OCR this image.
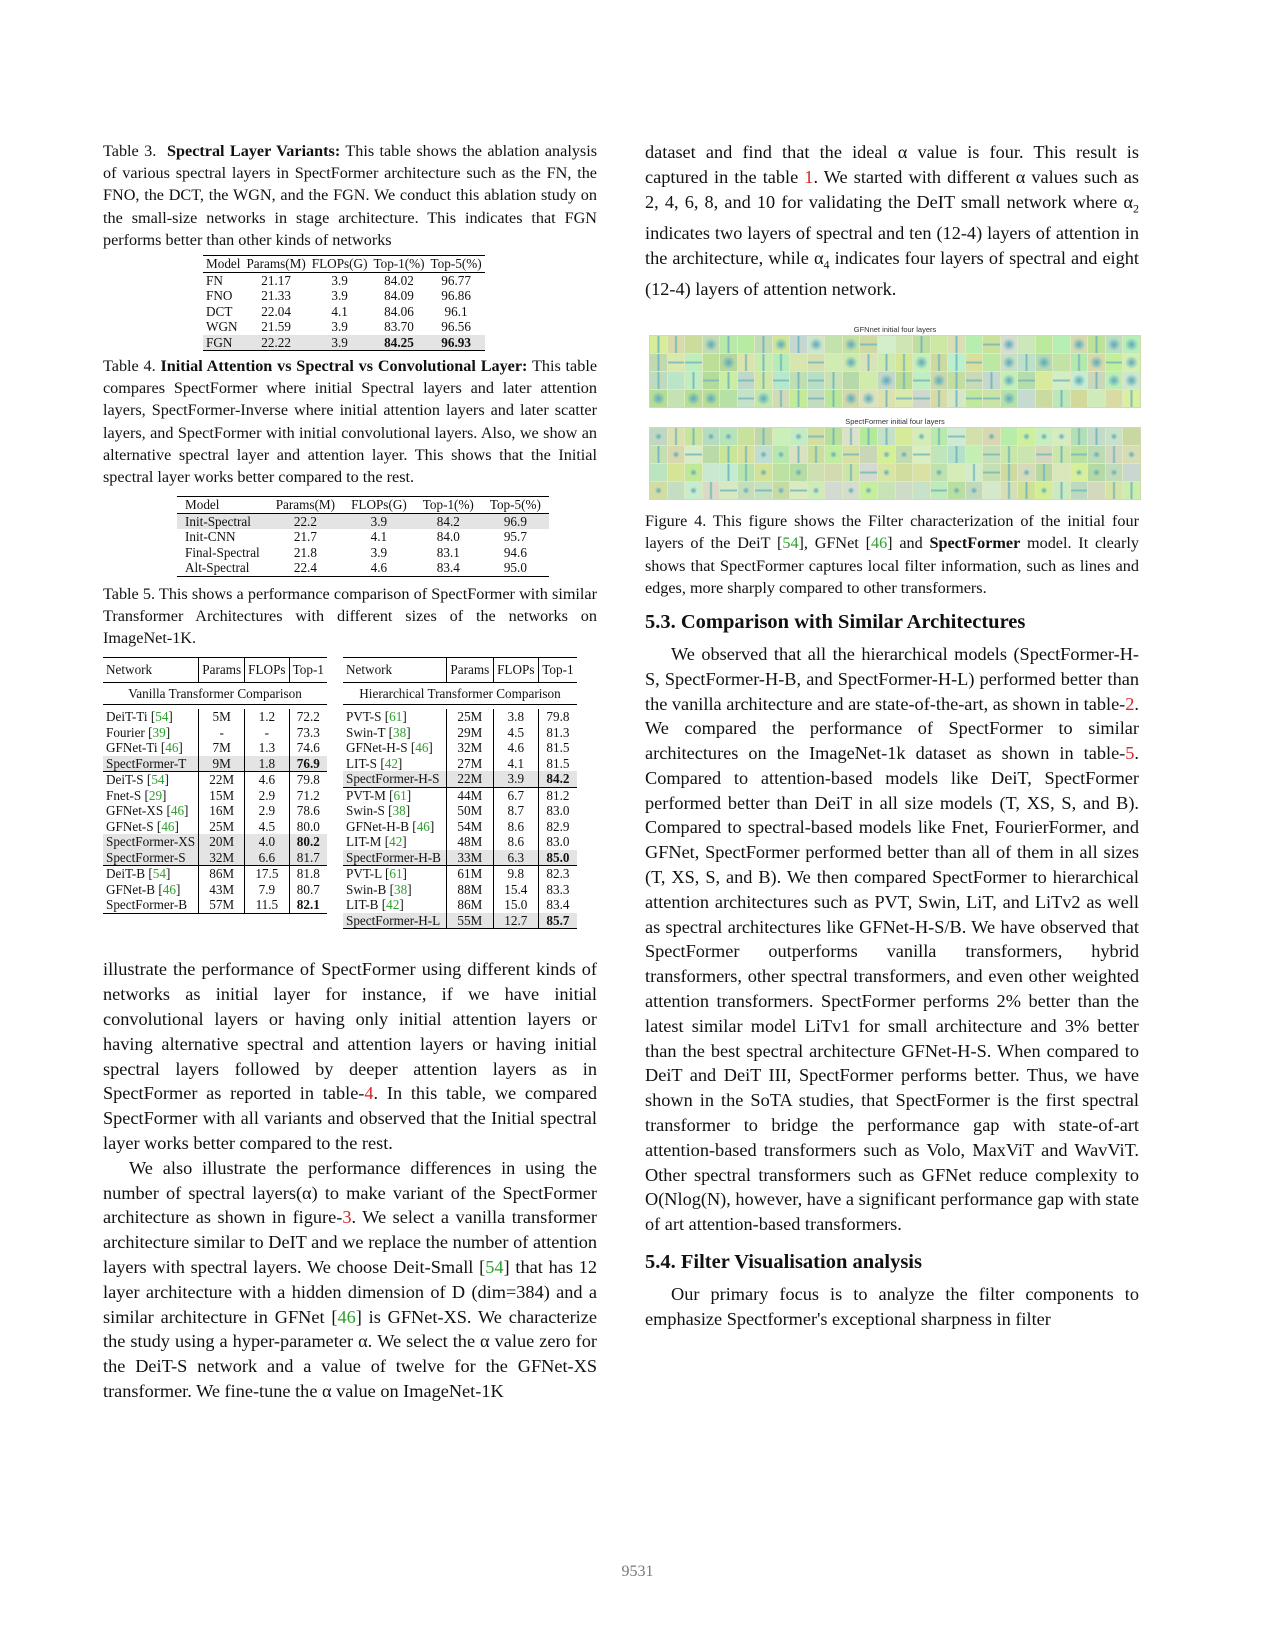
Table 3. Spectral Layer Variants: This table shows the ablation analysis of various spectral layers in SpectFormer architecture such as the FN, the FNO, the DCT, the WGN, and the FGN. We conduct this ablation study on the small-size networks in stage architecture. This indicates that FGN performs better than other kinds of networks

Model	Params(M)	FLOPs(G)	Top-1(%)	Top-5(%)
FN	21.17	3.9	84.02	96.77
FNO	21.33	3.9	84.09	96.86
DCT	22.04	4.1	84.06	96.1
WGN	21.59	3.9	83.70	96.56
FGN	22.22	3.9	84.25	96.93

Table 4. Initial Attention vs Spectral vs Convolutional Layer: This table compares SpectFormer where initial Spectral layers and later attention layers, SpectFormer-Inverse where initial attention layers and later scatter layers, and SpectFormer with initial convolutional layers. Also, we show an alternative spectral layer and attention layer. This shows that the Initial spectral layer works better compared to the rest.

Model	Params(M)	FLOPs(G)	Top-1(%)	Top-5(%)
Init-Spectral	22.2	3.9	84.2	96.9
Init-CNN	21.7	4.1	84.0	95.7
Final-Spectral	21.8	3.9	83.1	94.6
Alt-Spectral	22.4	4.6	83.4	95.0

Table 5. This shows a performance comparison of SpectFormer with similar Transformer Architectures with different sizes of the networks on ImageNet-1K.

Network	Params	FLOPs	Top-1
Vanilla Transformer Comparison			

DeiT-Ti [54]	5M	1.2	72.2
Fourier [39]	-	-	73.3
GFNet-Ti [46]	7M	1.3	74.6
SpectFormer-T	9M	1.8	76.9
DeiT-S [54]	22M	4.6	79.8
Fnet-S [29]	15M	2.9	71.2
GFNet-XS [46]	16M	2.9	78.6
GFNet-S [46]	25M	4.5	80.0
SpectFormer-XS	20M	4.0	80.2
SpectFormer-S	32M	6.6	81.7
DeiT-B [54]	86M	17.5	81.8
GFNet-B [46]	43M	7.9	80.7
SpectFormer-B	57M	11.5	82.1
Network	Params	FLOPs	Top-1
Hierarchical Transformer Comparison			

PVT-S [61]	25M	3.8	79.8
Swin-T [38]	29M	4.5	81.3
GFNet-H-S [46]	32M	4.6	81.5
LIT-S [42]	27M	4.1	81.5
SpectFormer-H-S	22M	3.9	84.2
PVT-M [61]	44M	6.7	81.2
Swin-S [38]	50M	8.7	83.0
GFNet-H-B [46]	54M	8.6	82.9
LIT-M [42]	48M	8.6	83.0
SpectFormer-H-B	33M	6.3	85.0
PVT-L [61]	61M	9.8	82.3
Swin-B [38]	88M	15.4	83.3
LIT-B [42]	86M	15.0	83.4
SpectFormer-H-L	55M	12.7	85.7

illustrate the performance of SpectFormer using different kinds of networks as initial layer for instance, if we have initial convolutional layers or having only initial attention layers or having alternative spectral and attention layers or having initial spectral layers followed by deeper attention layers as in SpectFormer as reported in table-4. In this table, we compared SpectFormer with all variants and observed that the Initial spectral layer works better compared to the rest.

We also illustrate the performance differences in using the number of spectral layers(α) to make variant of the SpectFormer architecture as shown in figure-3. We select a vanilla transformer architecture similar to DeIT and we replace the number of attention layers with spectral layers. We choose Deit-Small [54] that has 12 layer architecture with a hidden dimension of D (dim=384) and a similar architecture in GFNet [46] is GFNet-XS. We characterize the study using a hyper-parameter α. We select the α value zero for the DeiT-S network and a value of twelve for the GFNet-XS transformer. We fine-tune the α value on ImageNet-1K

dataset and find that the ideal α value is four. This result is captured in the table 1. We started with different α values such as 2, 4, 6, 8, and 10 for validating the DeIT small network where $\alpha_2$ indicates two layers of spectral and ten (12-4) layers of attention in the architecture, while $\alpha_4$ indicates four layers of spectral and eight (12-4) layers of attention network.

GFNnet initial four layers
SpectFormer initial four layers

Figure 4. This figure shows the Filter characterization of the initial four layers of the DeiT [54], GFNet [46] and SpectFormer model. It clearly shows that SpectFormer captures local filter information, such as lines and edges, more sharply compared to other transformers.

5.3. Comparison with Similar Architectures

We observed that all the hierarchical models (SpectFormer-H-S, SpectFormer-H-B, and SpectFormer-H-L) performed better than the vanilla architecture and are state-of-the-art, as shown in table-2. We compared the performance of SpectFormer to similar architectures on the ImageNet-1k dataset as shown in table-5. Compared to attention-based models like DeiT, SpectFormer performed better than DeiT in all size models (T, XS, S, and B). Compared to spectral-based models like Fnet, FourierFormer, and GFNet, SpectFormer performed better than all of them in all sizes (T, XS, S, and B). We then compared SpectFormer to hierarchical attention architectures such as PVT, Swin, LiT, and LiTv2 as well as spectral architectures like GFNet-H-S/B. We have observed that SpectFormer outperforms vanilla transformers, hybrid transformers, other spectral transformers, and even other weighted attention transformers. SpectFormer performs 2% better than the latest similar model LiTv1 for small architecture and 3% better than the best spectral architecture GFNet-H-S. When compared to DeiT and DeiT III, SpectFormer performs better. Thus, we have shown in the SoTA studies, that SpectFormer is the first spectral transformer to bridge the performance gap with state-of-art attention-based transformers such as Volo, MaxViT and WavViT. Other spectral transformers such as GFNet reduce complexity to O(Nlog(N), however, have a significant performance gap with state of art attention-based transformers.

5.4. Filter Visualisation analysis

Our primary focus is to analyze the filter components to emphasize Spectformer's exceptional sharpness in filter

9531
